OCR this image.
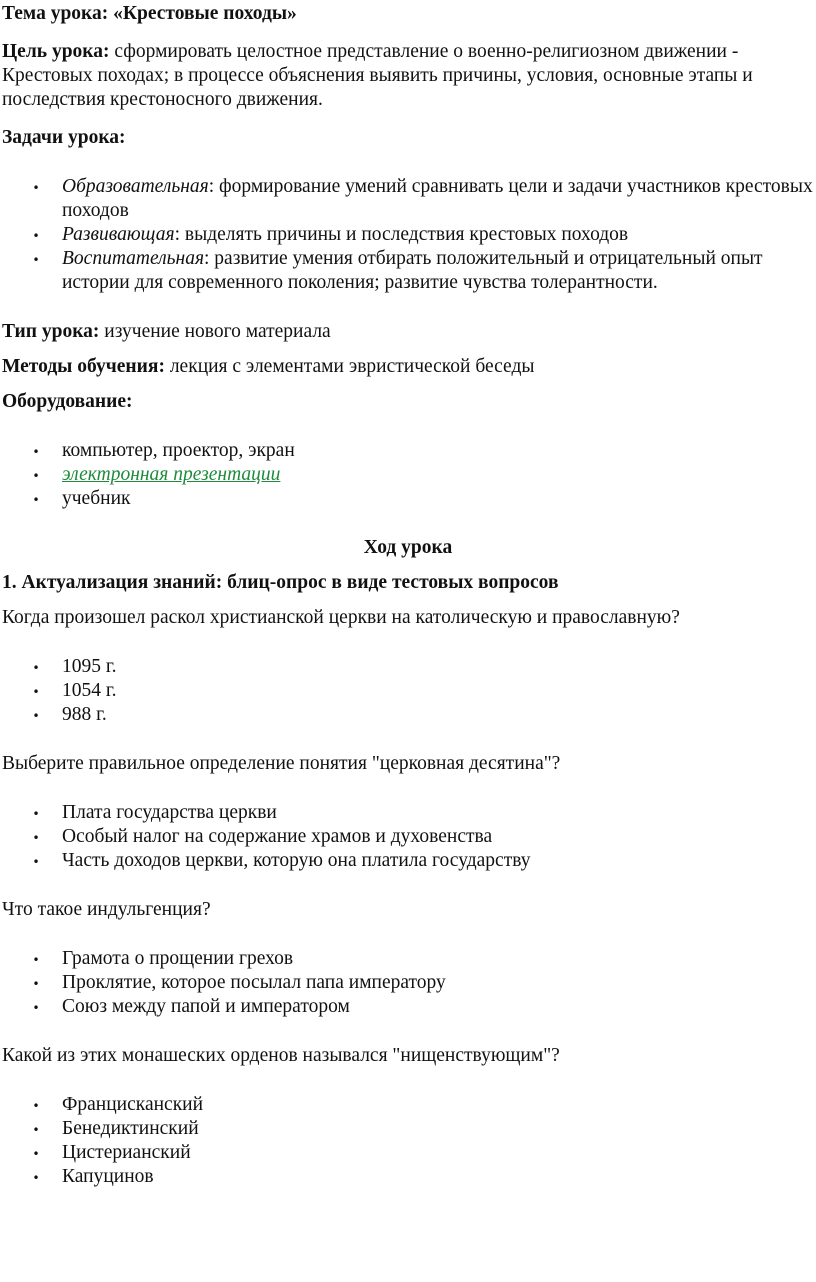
Тема урока: «Крестовые походы»

Цель урока: сформировать целостное представление о военно-религиозном движении - Крестовых походах; в процессе объяснения выявить причины, условия, основные этапы и последствия крестоносного движения.

Задачи урока:

•
Образовательная: формирование умений сравнивать цели и задачи участников крестовых походов
•
Развивающая: выделять причины и последствия крестовых походов
•
Воспитательная: развитие умения отбирать положительный и отрицательный опыт истории для современного поколения; развитие чувства толерантности.

Тип урока: изучение нового материала

Методы обучения: лекция с элементами эвристической беседы

Оборудование:

•
компьютер, проектор, экран
•
электронная презентации
•
учебник

Ход урока

1. Актуализация знаний: блиц-опрос в виде тестовых вопросов

Когда произошел раскол христианской церкви на католическую и православную?

•
1095 г.
•
1054 г.
•
988 г.

Выберите правильное определение понятия "церковная десятина"?

•
Плата государства церкви
•
Особый налог на содержание храмов и духовенства
•
Часть доходов церкви, которую она платила государству

Что такое индульгенция?

•
Грамота о прощении грехов
•
Проклятие, которое посылал папа императору
•
Союз между папой и императором

Какой из этих монашеских орденов назывался "нищенствующим"?

•
Францисканский
•
Бенедиктинский
•
Цистерианский
•
Капуцинов
